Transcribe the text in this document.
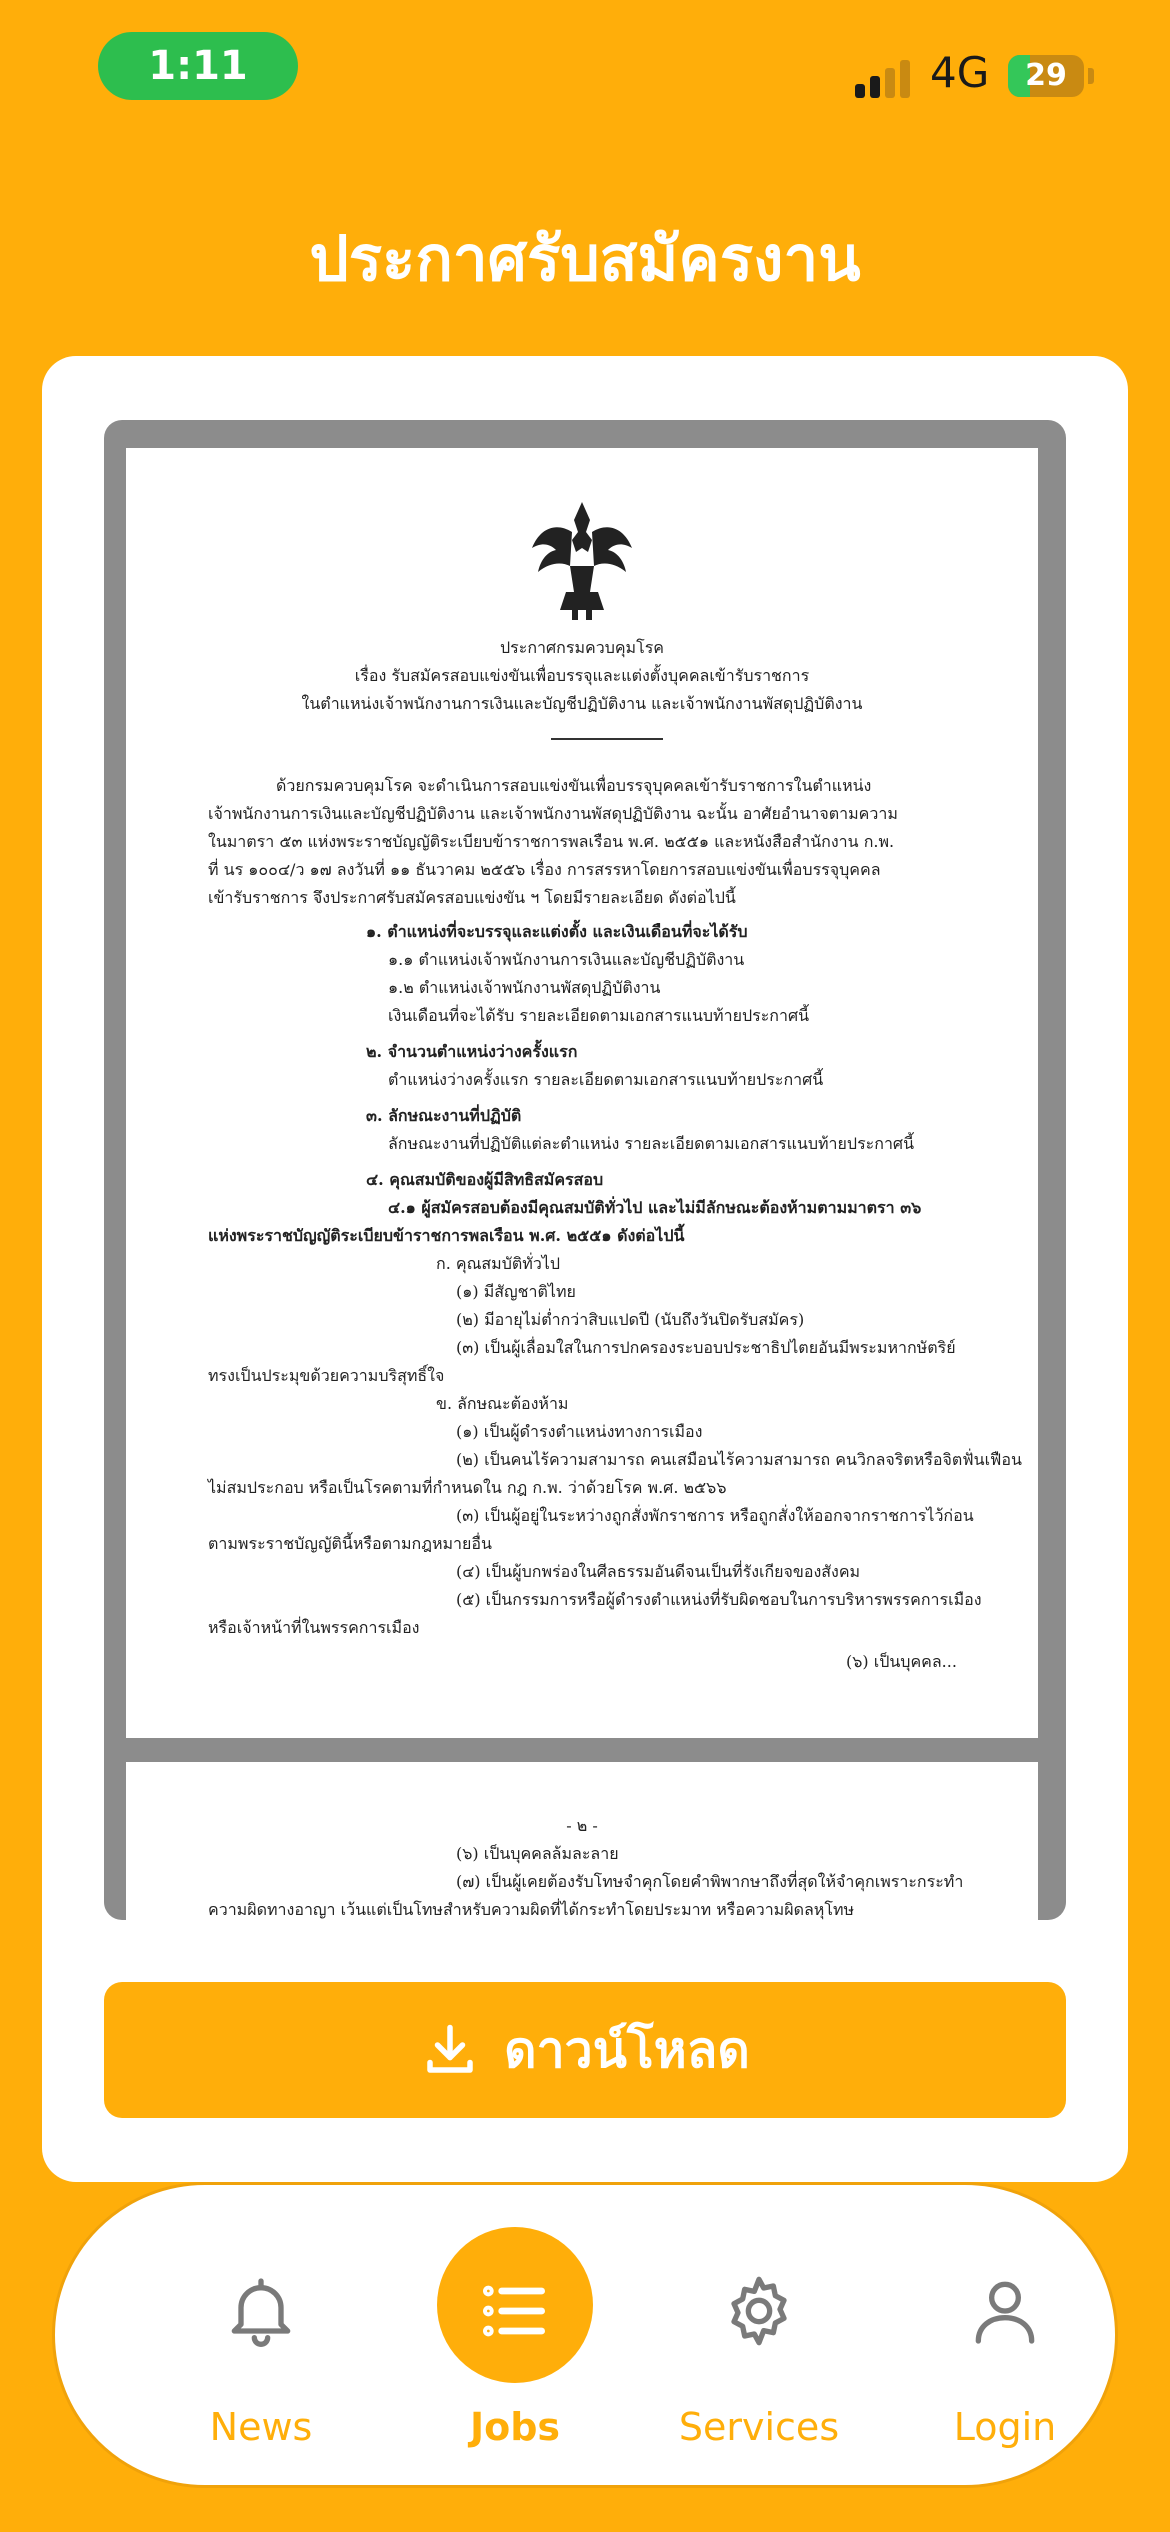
1:11	4G	29
ประกาศรับสมัครงาน
ประกาศกรมควบคุมโรค
เรื่อง รับสมัครสอบแข่งขันเพื่อบรรจุและแต่งตั้งบุคคลเข้ารับราชการ
ในตำแหน่งเจ้าพนักงานการเงินและบัญชีปฏิบัติงาน และเจ้าพนักงานพัสดุปฏิบัติงาน
ด้วยกรมควบคุมโรค จะดำเนินการสอบแข่งขันเพื่อบรรจุบุคคลเข้ารับราชการในตำแหน่ง
เจ้าพนักงานการเงินและบัญชีปฏิบัติงาน และเจ้าพนักงานพัสดุปฏิบัติงาน ฉะนั้น อาศัยอำนาจตามความ
ในมาตรา ๕๓ แห่งพระราชบัญญัติระเบียบข้าราชการพลเรือน พ.ศ. ๒๕๕๑ และหนังสือสำนักงาน ก.พ.
ที่ นร ๑๐๐๔/ว ๑๗ ลงวันที่ ๑๑ ธันวาคม ๒๕๕๖ เรื่อง การสรรหาโดยการสอบแข่งขันเพื่อบรรจุบุคคล
เข้ารับราชการ จึงประกาศรับสมัครสอบแข่งขัน ฯ โดยมีรายละเอียด ดังต่อไปนี้
๑. ตำแหน่งที่จะบรรจุและแต่งตั้ง และเงินเดือนที่จะได้รับ
๑.๑ ตำแหน่งเจ้าพนักงานการเงินและบัญชีปฏิบัติงาน
๑.๒ ตำแหน่งเจ้าพนักงานพัสดุปฏิบัติงาน
เงินเดือนที่จะได้รับ รายละเอียดตามเอกสารแนบท้ายประกาศนี้
๒. จำนวนตำแหน่งว่างครั้งแรก
ตำแหน่งว่างครั้งแรก รายละเอียดตามเอกสารแนบท้ายประกาศนี้
๓. ลักษณะงานที่ปฏิบัติ
ลักษณะงานที่ปฏิบัติแต่ละตำแหน่ง รายละเอียดตามเอกสารแนบท้ายประกาศนี้
๔. คุณสมบัติของผู้มีสิทธิสมัครสอบ
๔.๑ ผู้สมัครสอบต้องมีคุณสมบัติทั่วไป และไม่มีลักษณะต้องห้ามตามมาตรา ๓๖
แห่งพระราชบัญญัติระเบียบข้าราชการพลเรือน พ.ศ. ๒๕๕๑ ดังต่อไปนี้
ก. คุณสมบัติทั่วไป
(๑) มีสัญชาติไทย
(๒) มีอายุไม่ต่ำกว่าสิบแปดปี (นับถึงวันปิดรับสมัคร)
(๓) เป็นผู้เลื่อมใสในการปกครองระบอบประชาธิปไตยอันมีพระมหากษัตริย์
ทรงเป็นประมุขด้วยความบริสุทธิ์ใจ
ข. ลักษณะต้องห้าม
(๑) เป็นผู้ดำรงตำแหน่งทางการเมือง
(๒) เป็นคนไร้ความสามารถ คนเสมือนไร้ความสามารถ คนวิกลจริตหรือจิตฟั่นเฟือน
ไม่สมประกอบ หรือเป็นโรคตามที่กำหนดใน กฎ ก.พ. ว่าด้วยโรค พ.ศ. ๒๕๖๖
(๓) เป็นผู้อยู่ในระหว่างถูกสั่งพักราชการ หรือถูกสั่งให้ออกจากราชการไว้ก่อน
ตามพระราชบัญญัตินี้หรือตามกฎหมายอื่น
(๔) เป็นผู้บกพร่องในศีลธรรมอันดีจนเป็นที่รังเกียจของสังคม
(๕) เป็นกรรมการหรือผู้ดำรงตำแหน่งที่รับผิดชอบในการบริหารพรรคการเมือง
หรือเจ้าหน้าที่ในพรรคการเมือง
(๖) เป็นบุคคล...
- ๒ -
(๖) เป็นบุคคลล้มละลาย
(๗) เป็นผู้เคยต้องรับโทษจำคุกโดยคำพิพากษาถึงที่สุดให้จำคุกเพราะกระทำ
ความผิดทางอาญา เว้นแต่เป็นโทษสำหรับความผิดที่ได้กระทำโดยประมาท หรือความผิดลหุโทษ
ดาวน์โหลด
News	Jobs	Services	Login
